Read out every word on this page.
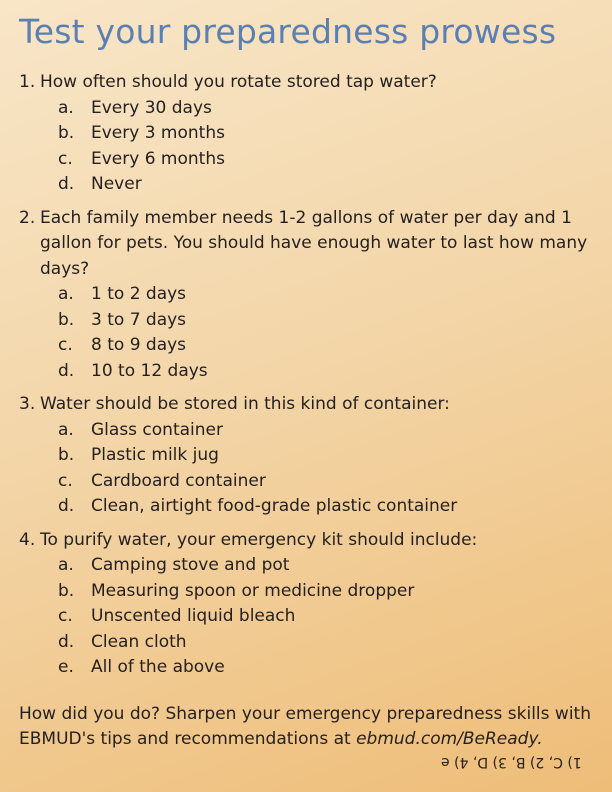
Test your preparedness prowess
1. How often should you rotate stored tap water?
a.	Every 30 days
b. Every 3 months
c.	Every 6 months
d. Never
2. Each family member needs 1-2 gallons of water per day and 1 gallon for pets. You should have enough water to last how many days?
a.	1 to 2 days
b. 3 to 7 days
c.	8 to 9 days
d. 10 to 12 days
3. Water should be stored in this kind of container:
a.	Glass container
b. Plastic milk jug
c.	Cardboard container
d. Clean, airtight food-grade plastic container
4. To purify water, your emergency kit should include:
a.	Camping stove and pot
b. Measuring spoon or medicine dropper
c.	Unscented liquid bleach
d. Clean cloth
e.	All of the above
How did you do? Sharpen your emergency preparedness skills with EBMUD's tips and recommendations at ebmud.com/BeReady.
1) C, 2) B, 3) D, 4) e
